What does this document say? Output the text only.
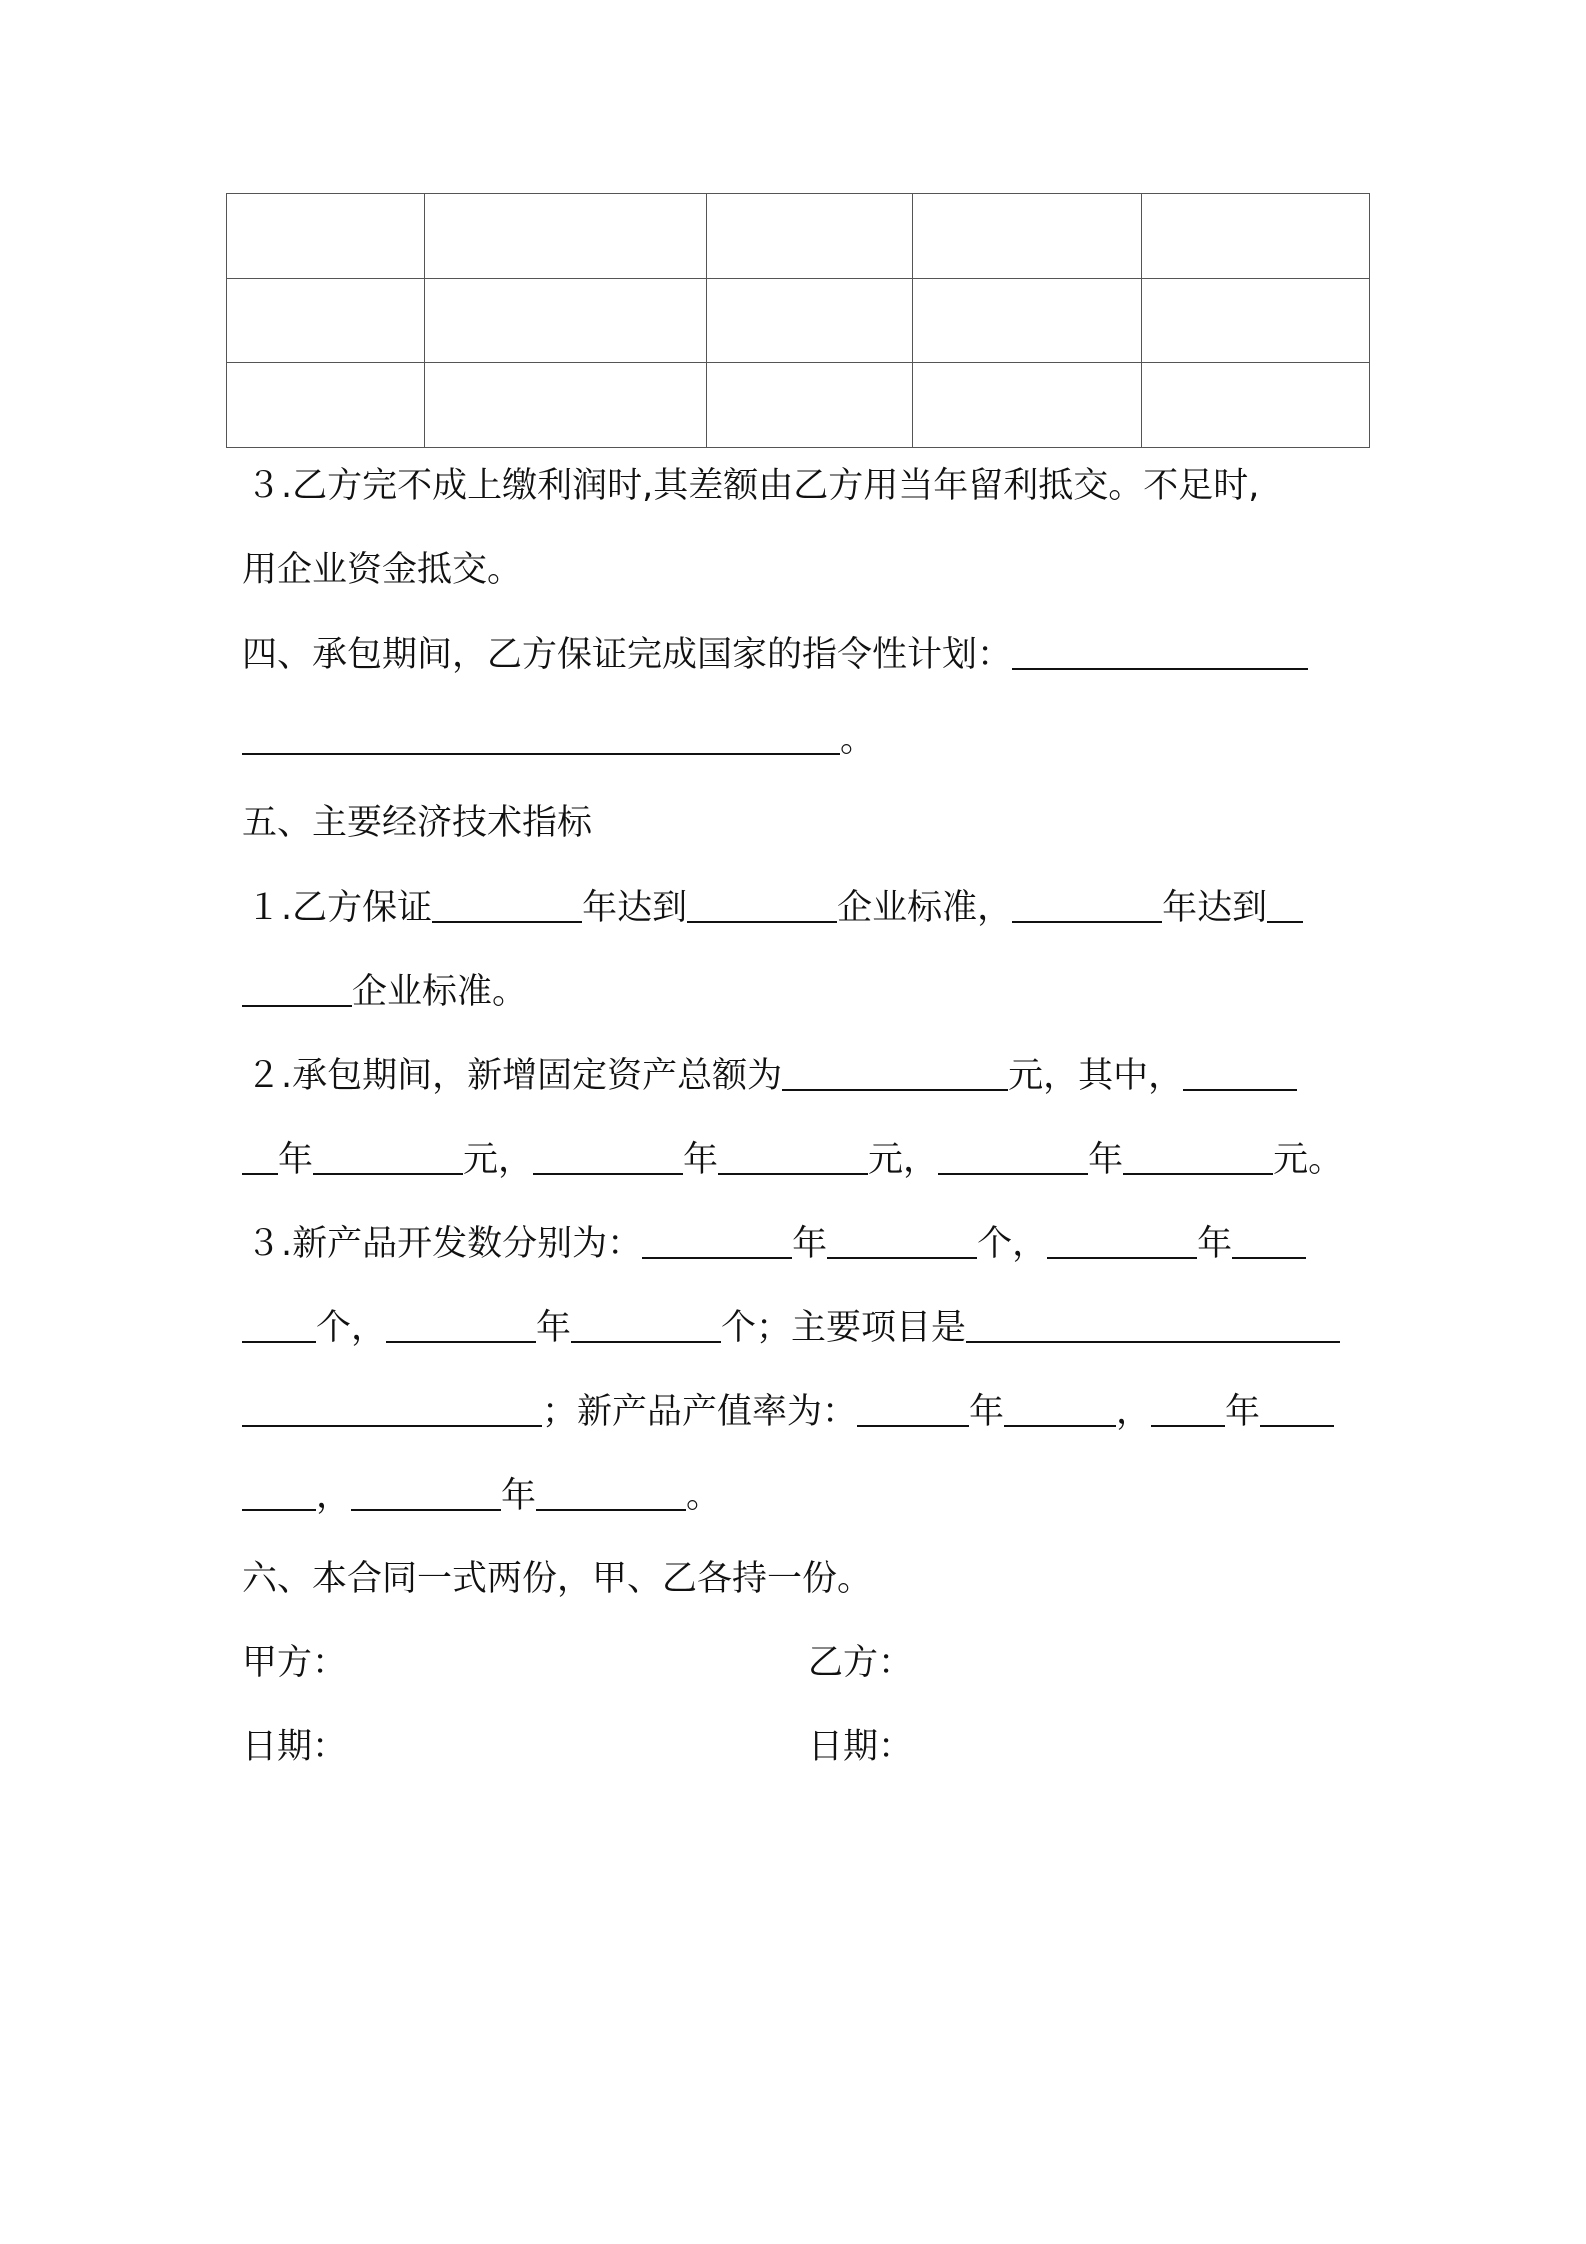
３.乙方完不成上缴利润时,其差额由乙方用当年留利抵交。不足时,
用企业资金抵交。
四、承包期间，乙方保证完成国家的指令性计划：
。
五、主要经济技术指标
１.乙方保证	年达到	企业标准，	年达到
企业标准。
２.承包期间，新增固定资产总额为	元，其中，
年	元，	年	元，	年	元。
３.新产品开发数分别为：	年	个，	年
个，	年	个；主要项目是
；新产品产值率为：	年	， 年
，	年	。
六、本合同一式两份，甲、乙各持一份。
甲方：	乙方：
日期：	日期：
